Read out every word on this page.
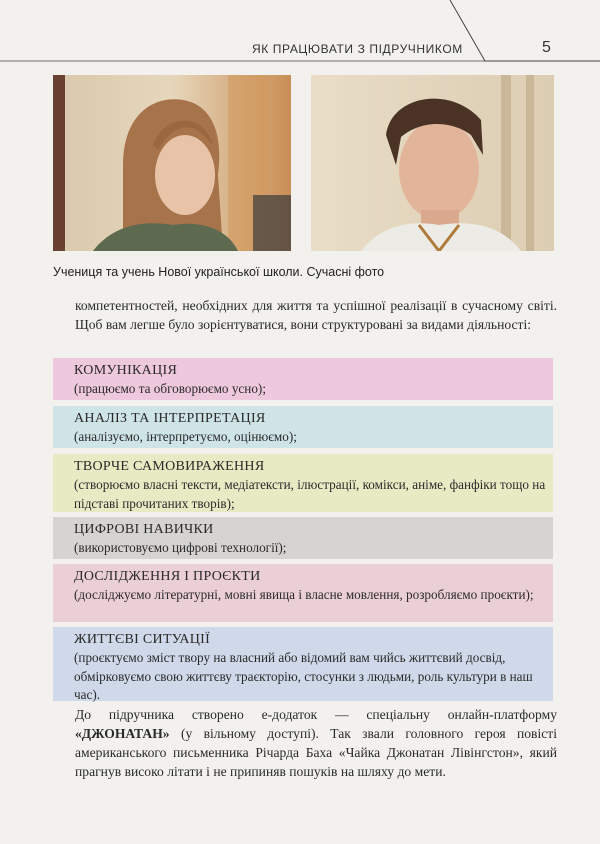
ЯК ПРАЦЮВАТИ З ПІДРУЧНИКОМ	5
Учениця та учень Нової української школи. Сучасні фото

компетентностей, необхідних для життя та успішної реалізації в сучасному світі. Щоб вам легше було зорієнтуватися, вони структуровані за видами діяльності:

КОМУНІКАЦІЯ
(працюємо та обговорюємо усно);
АНАЛІЗ ТА ІНТЕРПРЕТАЦІЯ
(аналізуємо, інтерпретуємо, оцінюємо);
ТВОРЧЕ САМОВИРАЖЕННЯ
(створюємо власні тексти, медіатексти, ілюстрації, комікси, аніме, фанфіки тощо на підставі прочитаних творів);
ЦИФРОВІ НАВИЧКИ
(використовуємо цифрові технології);
ДОСЛІДЖЕННЯ І ПРОЄКТИ
(досліджуємо літературні, мовні явища і власне мовлення, розробляємо проєкти);
ЖИТТЄВІ СИТУАЦІЇ
(проєктуємо зміст твору на власний або відомий вам чийсь життєвий досвід, обмірковуємо свою життєву траєкторію, стосунки з людьми, роль культури в наш час).

До підручника створено е-додаток — спеціальну онлайн-платформу «ДЖОНАТАН» (у вільному доступі). Так звали головного героя повісті американського письменника Річарда Баха «Чайка Джонатан Лівінгстон», який прагнув високо літати і не припиняв пошуків на шляху до мети.
